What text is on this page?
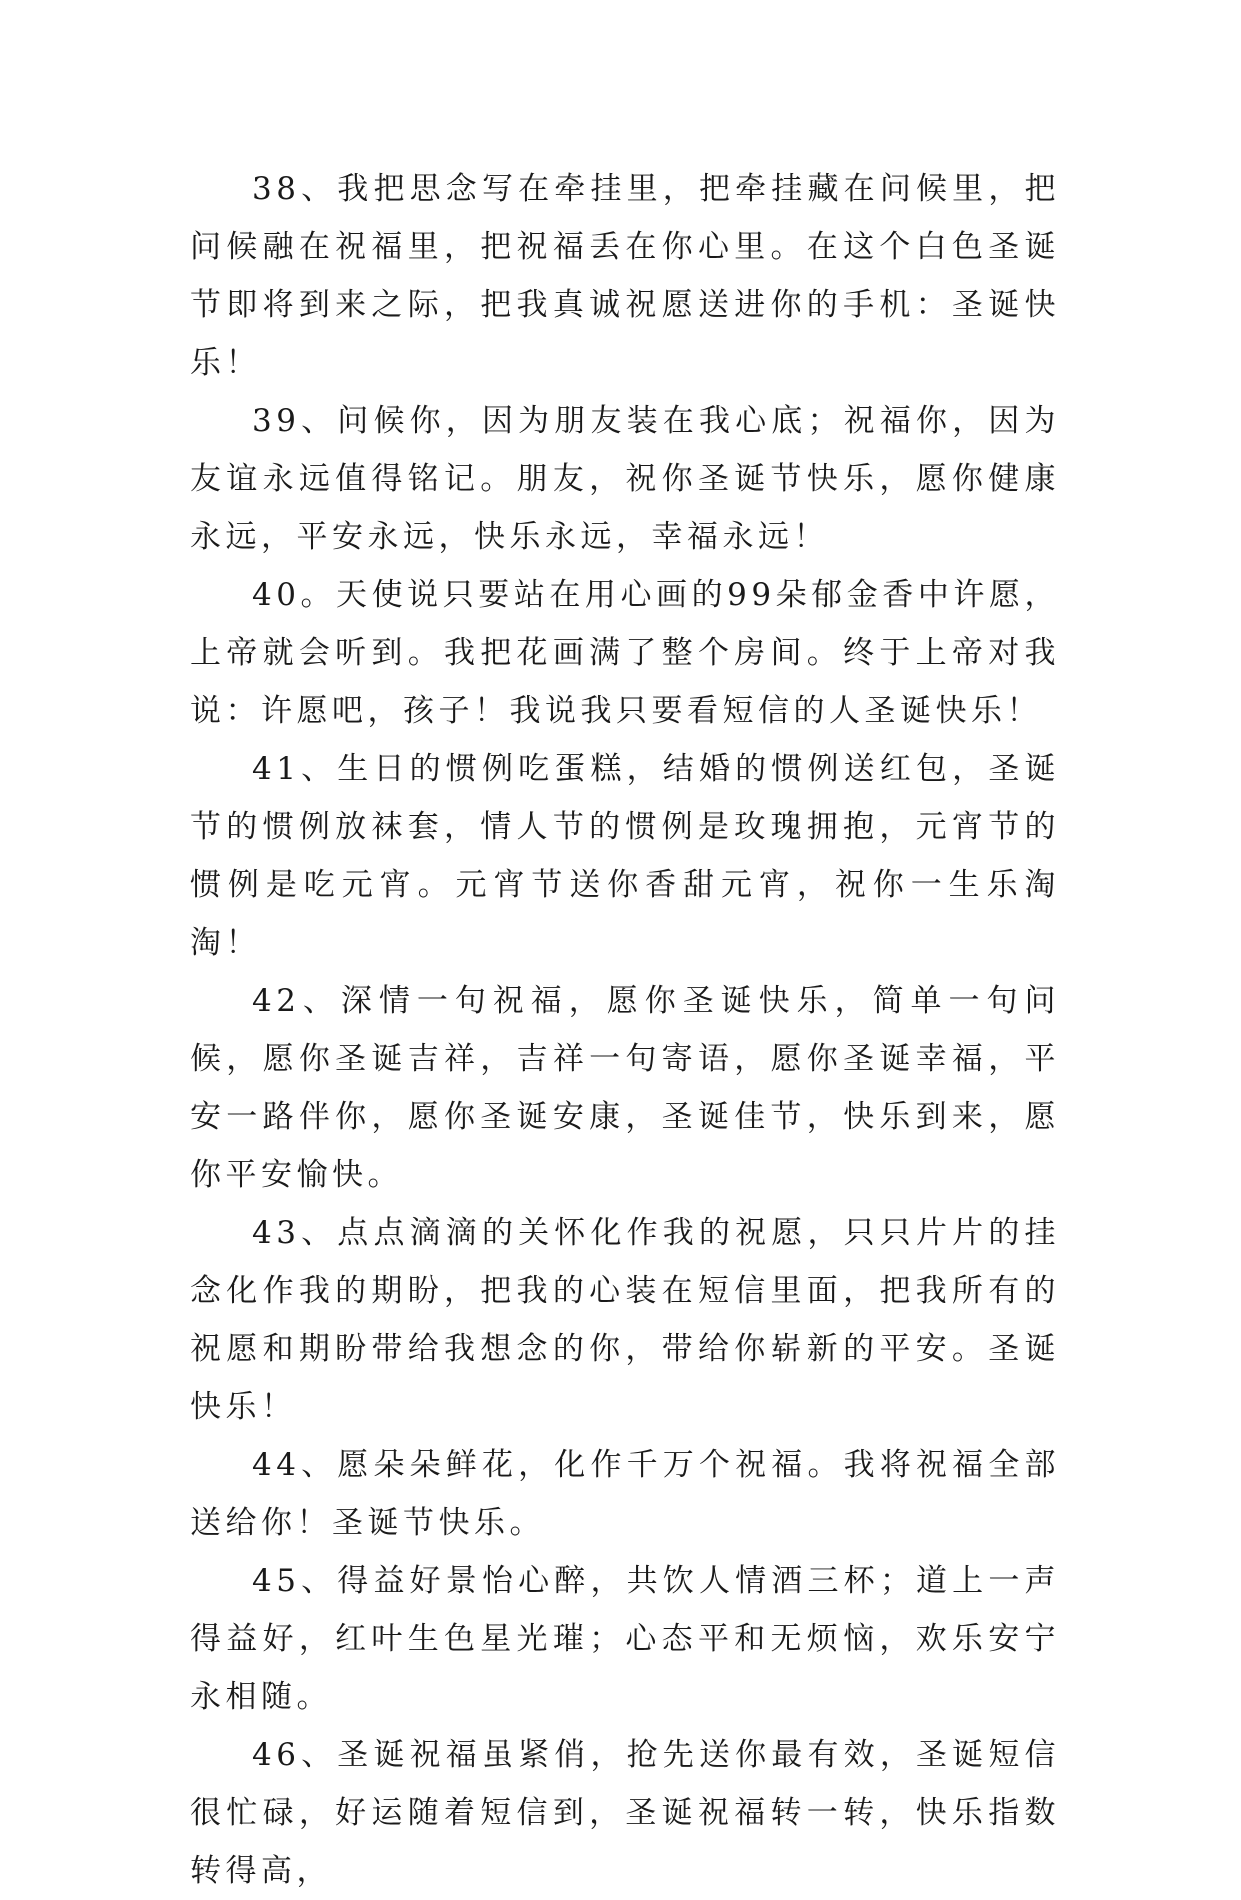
38、我把思念写在牵挂里，把牵挂藏在问候里，把问候融在祝福里，把祝福丢在你心里。在这个白色圣诞节即将到来之际，把我真诚祝愿送进你的手机：圣诞快乐！

39、问候你，因为朋友装在我心底；祝福你，因为友谊永远值得铭记。朋友，祝你圣诞节快乐，愿你健康永远，平安永远，快乐永远，幸福永远！

40。天使说只要站在用心画的99朵郁金香中许愿，上帝就会听到。我把花画满了整个房间。终于上帝对我说：许愿吧，孩子！我说我只要看短信的人圣诞快乐！

41、生日的惯例吃蛋糕，结婚的惯例送红包，圣诞节的惯例放袜套，情人节的惯例是玫瑰拥抱，元宵节的惯例是吃元宵。元宵节送你香甜元宵，祝你一生乐淘淘！

42、深情一句祝福，愿你圣诞快乐，简单一句问候，愿你圣诞吉祥，吉祥一句寄语，愿你圣诞幸福，平安一路伴你，愿你圣诞安康，圣诞佳节，快乐到来，愿你平安愉快。

43、点点滴滴的关怀化作我的祝愿，只只片片的挂念化作我的期盼，把我的心装在短信里面，把我所有的祝愿和期盼带给我想念的你，带给你崭新的平安。圣诞快乐！

44、愿朵朵鲜花，化作千万个祝福。我将祝福全部送给你！圣诞节快乐。

45、得益好景怡心醉，共饮人情酒三杯；道上一声得益好，红叶生色星光璀；心态平和无烦恼，欢乐安宁永相随。

46、圣诞祝福虽紧俏，抢先送你最有效，圣诞短信很忙碌，好运随着短信到，圣诞祝福转一转，快乐指数转得高，
